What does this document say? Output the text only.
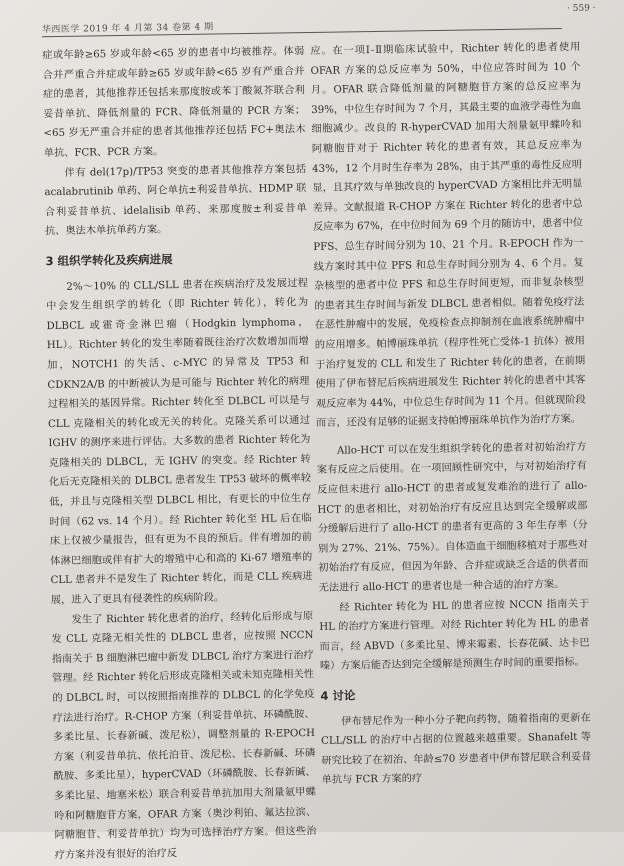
华西医学 2019 年 4 月第 34 卷第 4 期
· 559 ·

症或年龄≥65 岁或年龄<65 岁的患者中均被推荐。体弱合并严重合并症或年龄≥65 岁或年龄<65 岁有严重合并症的患者，其他推荐还包括来那度胺或苯丁酸氮芥联合利妥昔单抗、降低剂量的 FCR、降低剂量的 PCR 方案；<65 岁无严重合并症的患者其他推荐还包括 FC+奥法木单抗、FCR、PCR 方案。

伴有 del(17p)/TP53 突变的患者其他推荐方案包括 acalabrutinib 单药、阿仑单抗±利妥昔单抗、HDMP 联合利妥昔单抗、idelalisib 单药、来那度胺±利妥昔单抗、奥法木单抗单药方案。

3 组织学转化及疾病进展

2%～10% 的 CLL/SLL 患者在疾病治疗及发展过程中会发生组织学的转化（即 Richter 转化），转化为 DLBCL 或霍奇金淋巴瘤（Hodgkin lymphoma，HL）。Richter 转化的发生率随着既往治疗次数增加而增加，NOTCH1 的失活、c-MYC 的异常及 TP53 和 CDKN2A/B 的中断被认为是可能与 Richter 转化的病理过程相关的基因异常。Richter 转化至 DLBCL 可以是与 CLL 克隆相关的转化或无关的转化。克隆关系可以通过 IGHV 的测序来进行评估。大多数的患者 Richter 转化为克隆相关的 DLBCL，无 IGHV 的突变。经 Richter 转化后无克隆相关的 DLBCL 患者发生 TP53 破坏的概率较低，并且与克隆相关型 DLBCL 相比，有更长的中位生存时间（62 vs. 14 个月）。经 Richter 转化至 HL 后在临床上仅被少量报告，但有更为不良的预后。伴有增加的前体淋巴细胞或伴有扩大的增殖中心和高的 Ki-67 增殖率的 CLL 患者并不是发生了 Richter 转化，而是 CLL 疾病进展，进入了更具有侵袭性的疾病阶段。

发生了 Richter 转化患者的治疗，经转化后形成与原发 CLL 克隆无相关性的 DLBCL 患者，应按照 NCCN 指南关于 B 细胞淋巴瘤中新发 DLBCL 治疗方案进行治疗管理。经 Richter 转化后形成克隆相关或未知克隆相关性的 DLBCL 时，可以按照指南推荐的 DLBCL 的化学免疫疗法进行治疗。R-CHOP 方案（利妥昔单抗、环磷酰胺、多柔比星、长春新碱、泼尼松），调整剂量的 R-EPOCH 方案（利妥昔单抗、依托泊苷、泼尼松、长春新碱、环磷酰胺、多柔比星），hyperCVAD（环磷酰胺、长春新碱、多柔比星、地塞米松）联合利妥昔单抗加用大剂量氨甲蝶呤和阿糖胞苷方案，OFAR 方案（奥沙利铂、氟达拉滨、阿糖胞苷、利妥昔单抗）均为可选择治疗方案。但这些治疗方案并没有很好的治疗反

应。在一项Ⅰ-Ⅱ期临床试验中，Richter 转化的患者使用 OFAR 方案的总反应率为 50%，中位应答时间为 10 个月。OFAR 联合降低剂量的阿糖胞苷方案的总反应率为 39%，中位生存时间为 7 个月，其最主要的血液学毒性为血细胞减少。改良的 R-hyperCVAD 加用大剂量氨甲蝶呤和阿糖胞苷对于 Richter 转化的患者有效，其总反应率为 43%，12 个月时生存率为 28%，由于其严重的毒性反应明显，且其疗效与单独改良的 hyperCVAD 方案相比并无明显差异。文献报道 R-CHOP 方案在 Richter 转化的患者中总反应率为 67%，在中位时间为 69 个月的随访中，患者中位 PFS、总生存时间分别为 10、21 个月。R-EPOCH 作为一线方案时其中位 PFS 和总生存时间分别为 4、6 个月。复杂核型的患者中位 PFS 和总生存时间更短，而非复杂核型的患者其生存时间与新发 DLBCL 患者相似。随着免疫疗法在恶性肿瘤中的发展，免疫检查点抑制剂在血液系统肿瘤中的应用增多。帕博丽珠单抗（程序性死亡受体-1 抗体）被用于治疗复发的 CLL 和发生了 Richter 转化的患者，在前期使用了伊布替尼后疾病进展发生 Richter 转化的患者中其客观反应率为 44%，中位总生存时间为 11 个月。但就现阶段而言，还没有足够的证据支持帕博丽珠单抗作为治疗方案。

Allo-HCT 可以在发生组织学转化的患者对初始治疗方案有反应之后使用。在一项回顾性研究中，与对初始治疗有反应但未进行 allo-HCT 的患者或复发难治的进行了 allo-HCT 的患者相比，对初始治疗有反应且达到完全缓解或部分缓解后进行了 allo-HCT 的患者有更高的 3 年生存率（分别为 27%、21%、75%）。自体造血干细胞移植对于那些对初始治疗有反应，但因为年龄、合并症或缺乏合适的供者而无法进行 allo-HCT 的患者也是一种合适的治疗方案。

经 Richter 转化为 HL 的患者应按 NCCN 指南关于 HL 的治疗方案进行管理。对经 Richter 转化为 HL 的患者而言，经 ABVD（多柔比星、博来霉素、长春花碱、达卡巴嗪）方案后能否达到完全缓解是预测生存时间的重要指标。

4 讨论

伊布替尼作为一种小分子靶向药物，随着指南的更新在 CLL/SLL 的治疗中占据的位置越来越重要。Shanafelt 等研究比较了在初治、年龄≤70 岁患者中伊布替尼联合利妥昔单抗与 FCR 方案的疗
